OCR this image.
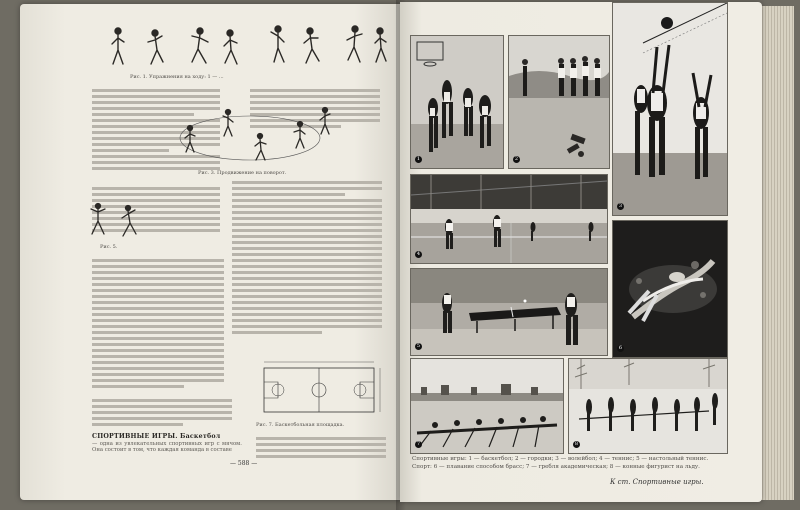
Рис. 1. Упражнения на ходу: 1 — ...
Рис. 3. Продвижение на поворот.
Рис. 5.
Рис. 7. Баскетбольная площадка.
СПОРТИВНЫЕ ИГРЫ. Баскетбол
— одна из увлекательных спортивных игр с мячом. Она состоит в том, что каждая команда в составе
— 588 —
1	2
3
4
5	6
7	8
Спортивные игры: 1 — баскетбол; 2 — городки; 3 — волейбол; 4 — теннис; 5 — настольный теннис.
Спорт: 6 — плавание способом брасс; 7 — гребля академическая; 8 — конные фигурист на льду.
К ст. Спортивные игры.
